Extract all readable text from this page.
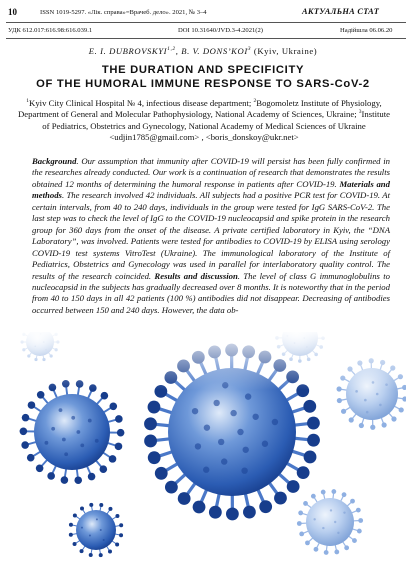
10	ISSN 1019-5297. «Лік. справа»=Врачеб. дело». 2021, № 3–4	АКТУАЛЬНА СТАТ
УДК 612.017:616.98:616.039.1	DOI 10.31640/JVD.3-4.2021(2)	Надійшла 06.06.20
E. I. DUBROVSKYI$^{1,2}$, B. V. DONS’KOI$^3$ (Kyiv, Ukraine)
THE DURATION AND SPECIFICITY
OF THE HUMORAL IMMUNE RESPONSE TO SARS-CoV-2
$^1$Kyiv City Clinical Hospital № 4, infectious disease department; $^2$Bogomoletz Institute of Physiology, Department of General and Molecular Pathophysiology, National Academy of Sciences, Ukraine; $^3$Institute of Pediatrics, Obstetrics and Gynecology, National Academy of Medical Sciences of Ukraine <udjin1785@gmail.com> , <boris_donskoy@ukr.net>
Background. Our assumption that immunity after COVID-19 will persist has been fully confirmed in the researches already conducted. Our work is a continuation of research that demonstrates the results obtained 12 months of determining the humoral response in patients after COVID-19. Materials and methods. The research involved 42 individuals. All subjects had a positive PCR test for COVID-19. At certain intervals, from 40 to 240 days, individuals in the group were tested for IgG SARS-CoV-2. The last step was to check the level of IgG to the COVID-19 nucleocapsid and spike protein in the research group for 360 days from the onset of the disease. A private certified laboratory in Kyiv, the “DNA Laboratory”, was involved. Patients were tested for antibodies to COVID-19 by ELISA using serology COVID-19 test systems VitroTest (Ukraine). The immunological laboratory of the Institute of Pediatrics, Obstetrics and Gynecology was used in parallel for interlaboratory quality control. The results of the research coincided. Results and discussion. The level of class G immunoglobulins to nucleocapsid in the subjects has gradually decreased over 8 months. It is noteworthy that in the period from 40 to 150 days in all 42 patients (100 %) antibodies did not disappear. Decreasing of antibodies occurred between 150 and 240 days. However, the data ob-
